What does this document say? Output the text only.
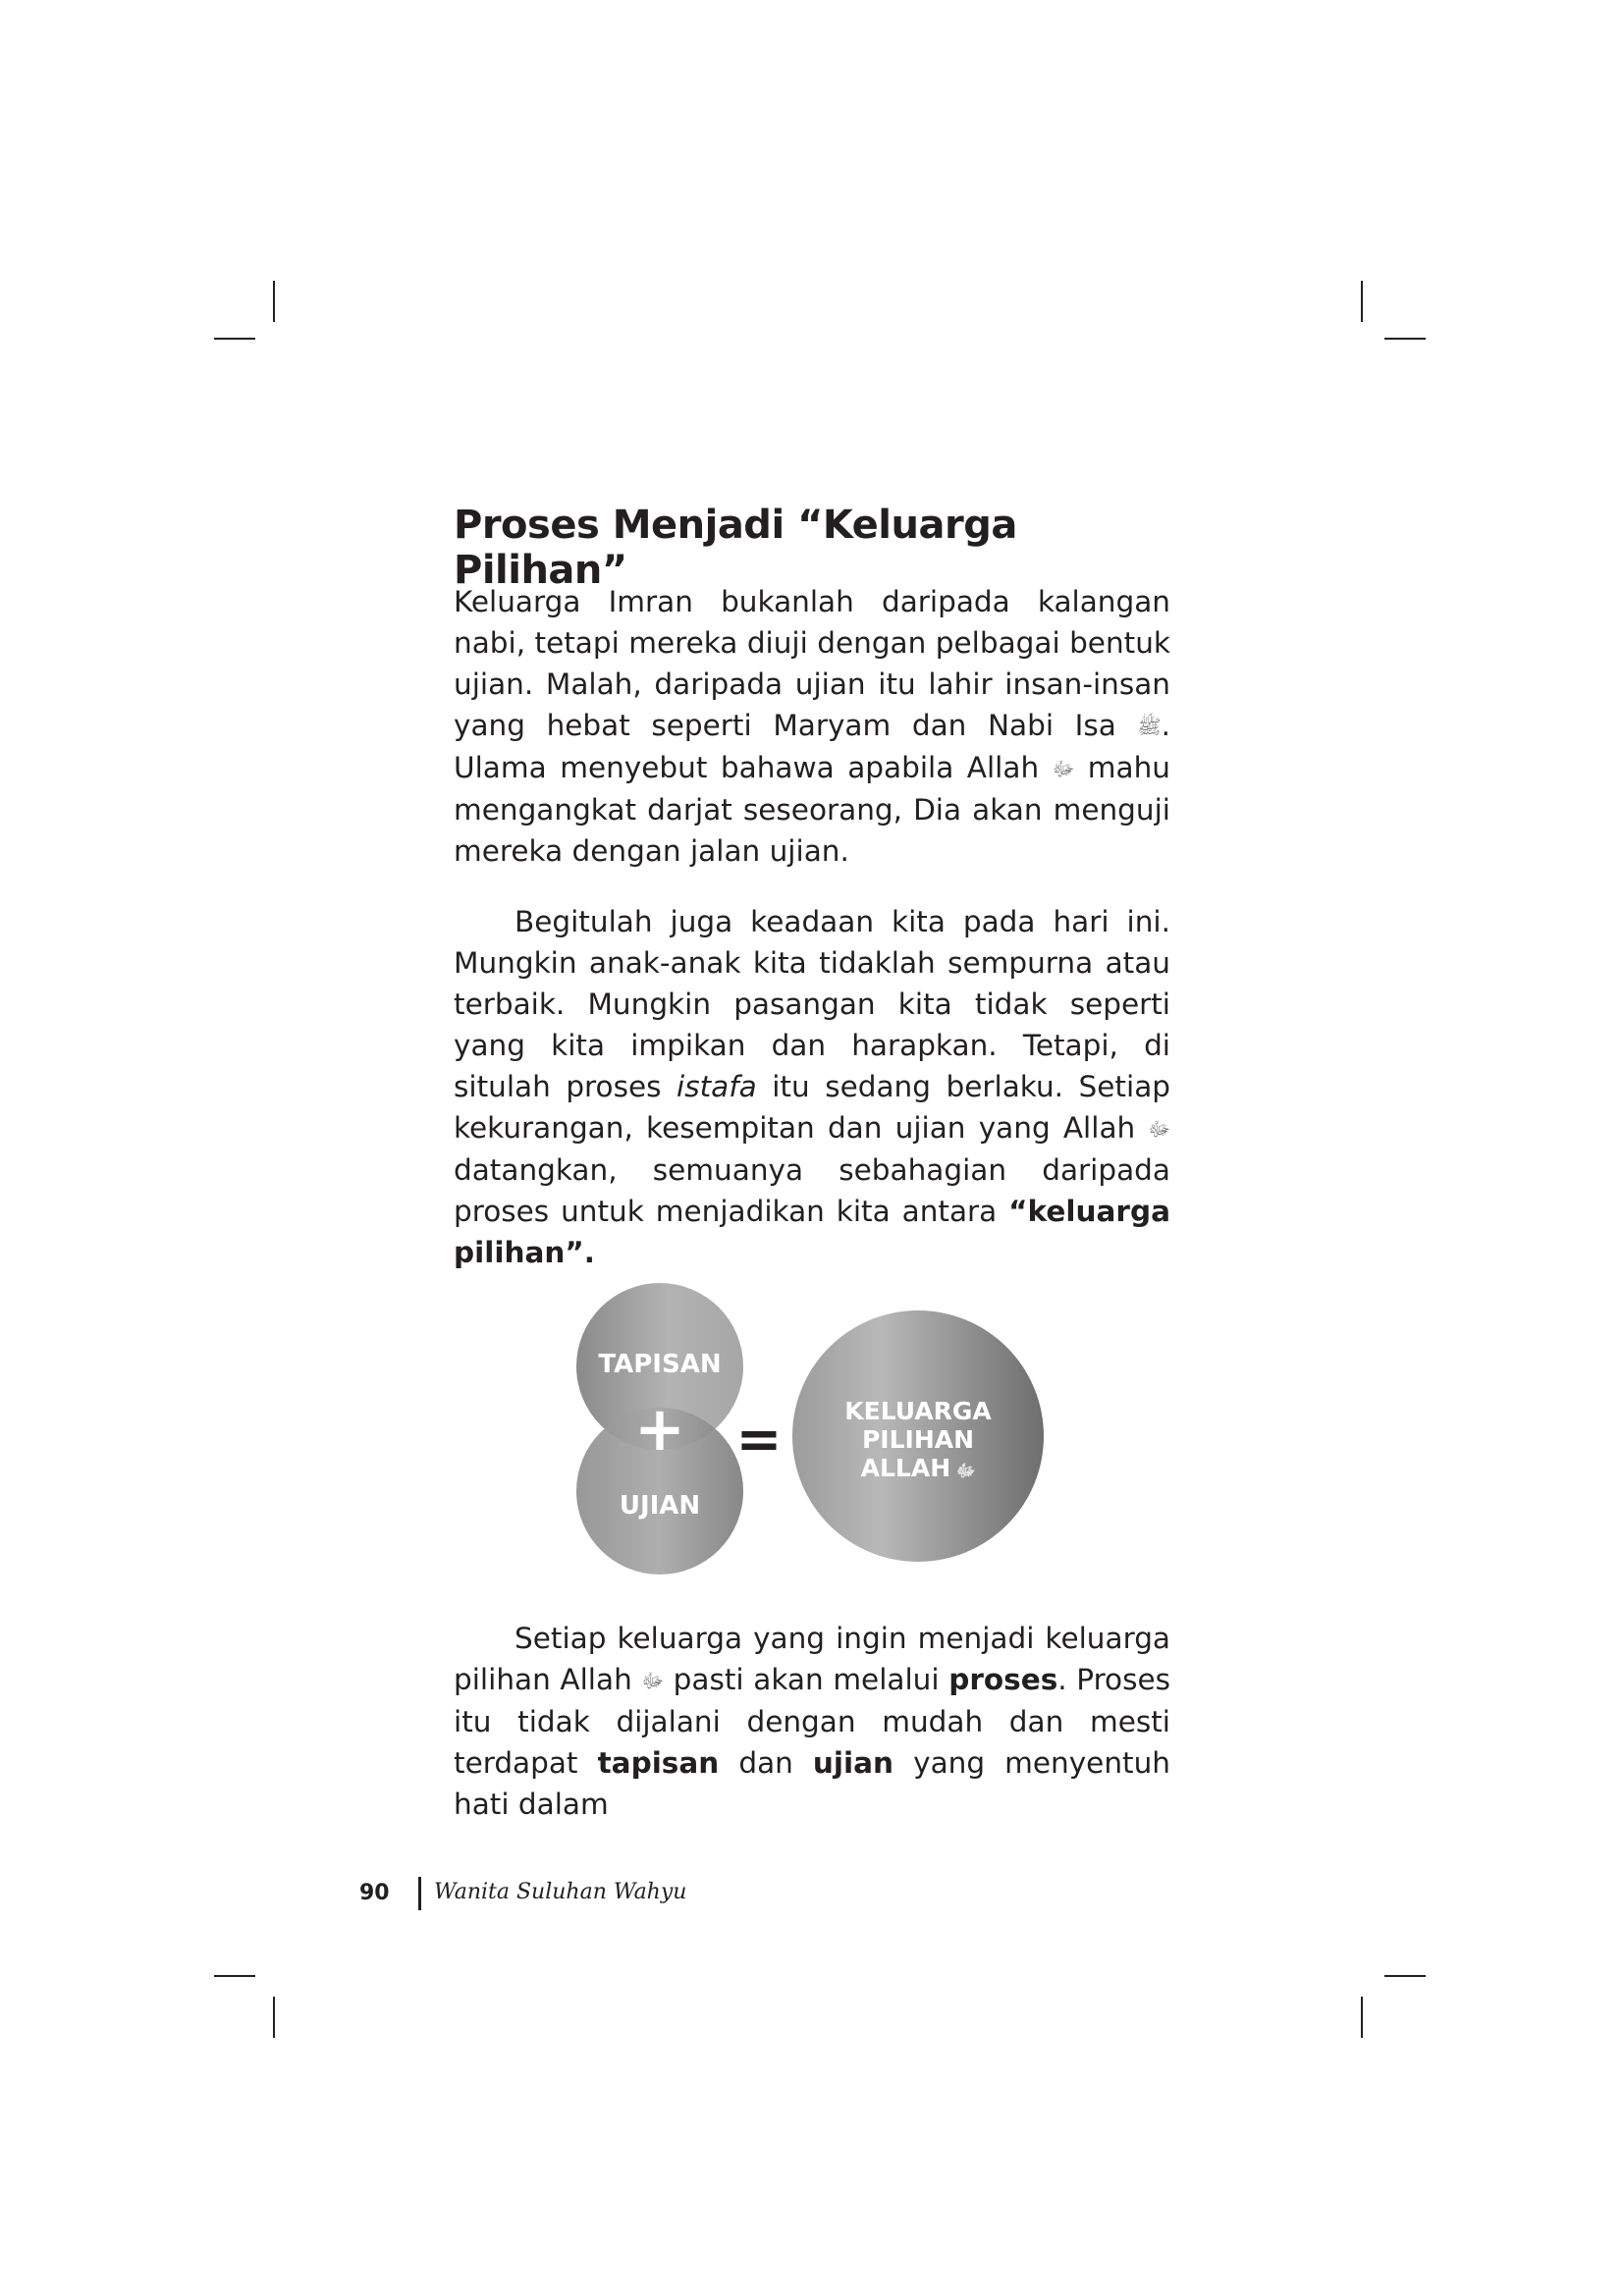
Proses Menjadi “Keluarga Pilihan”

Keluarga Imran bukanlah daripada kalangan nabi, tetapi mereka diuji dengan pelbagai bentuk ujian. Malah, daripada ujian itu lahir insan-insan yang hebat seperti Maryam dan Nabi Isa ﷺ. Ulama menyebut bahawa apabila Allah ﷻ mahu mengangkat darjat seseorang, Dia akan menguji mereka dengan jalan ujian.

Begitulah juga keadaan kita pada hari ini. Mungkin anak-anak kita tidaklah sempurna atau terbaik. Mungkin pasangan kita tidak seperti yang kita impikan dan harapkan. Tetapi, di situlah proses istafa itu sedang berlaku. Setiap kekurangan, kesempitan dan ujian yang Allah ﷻ datangkan, semuanya sebahagian daripada proses untuk menjadikan kita antara “keluarga pilihan”.

TAPISAN
+
UJIAN
=	KELUARGA
PILIHAN
ALLAH ﷻ

Setiap keluarga yang ingin menjadi keluarga pilihan Allah ﷻ pasti akan melalui proses. Proses itu tidak dijalani dengan mudah dan mesti terdapat tapisan dan ujian yang menyentuh hati dalam

90 Wanita Suluhan Wahyu
